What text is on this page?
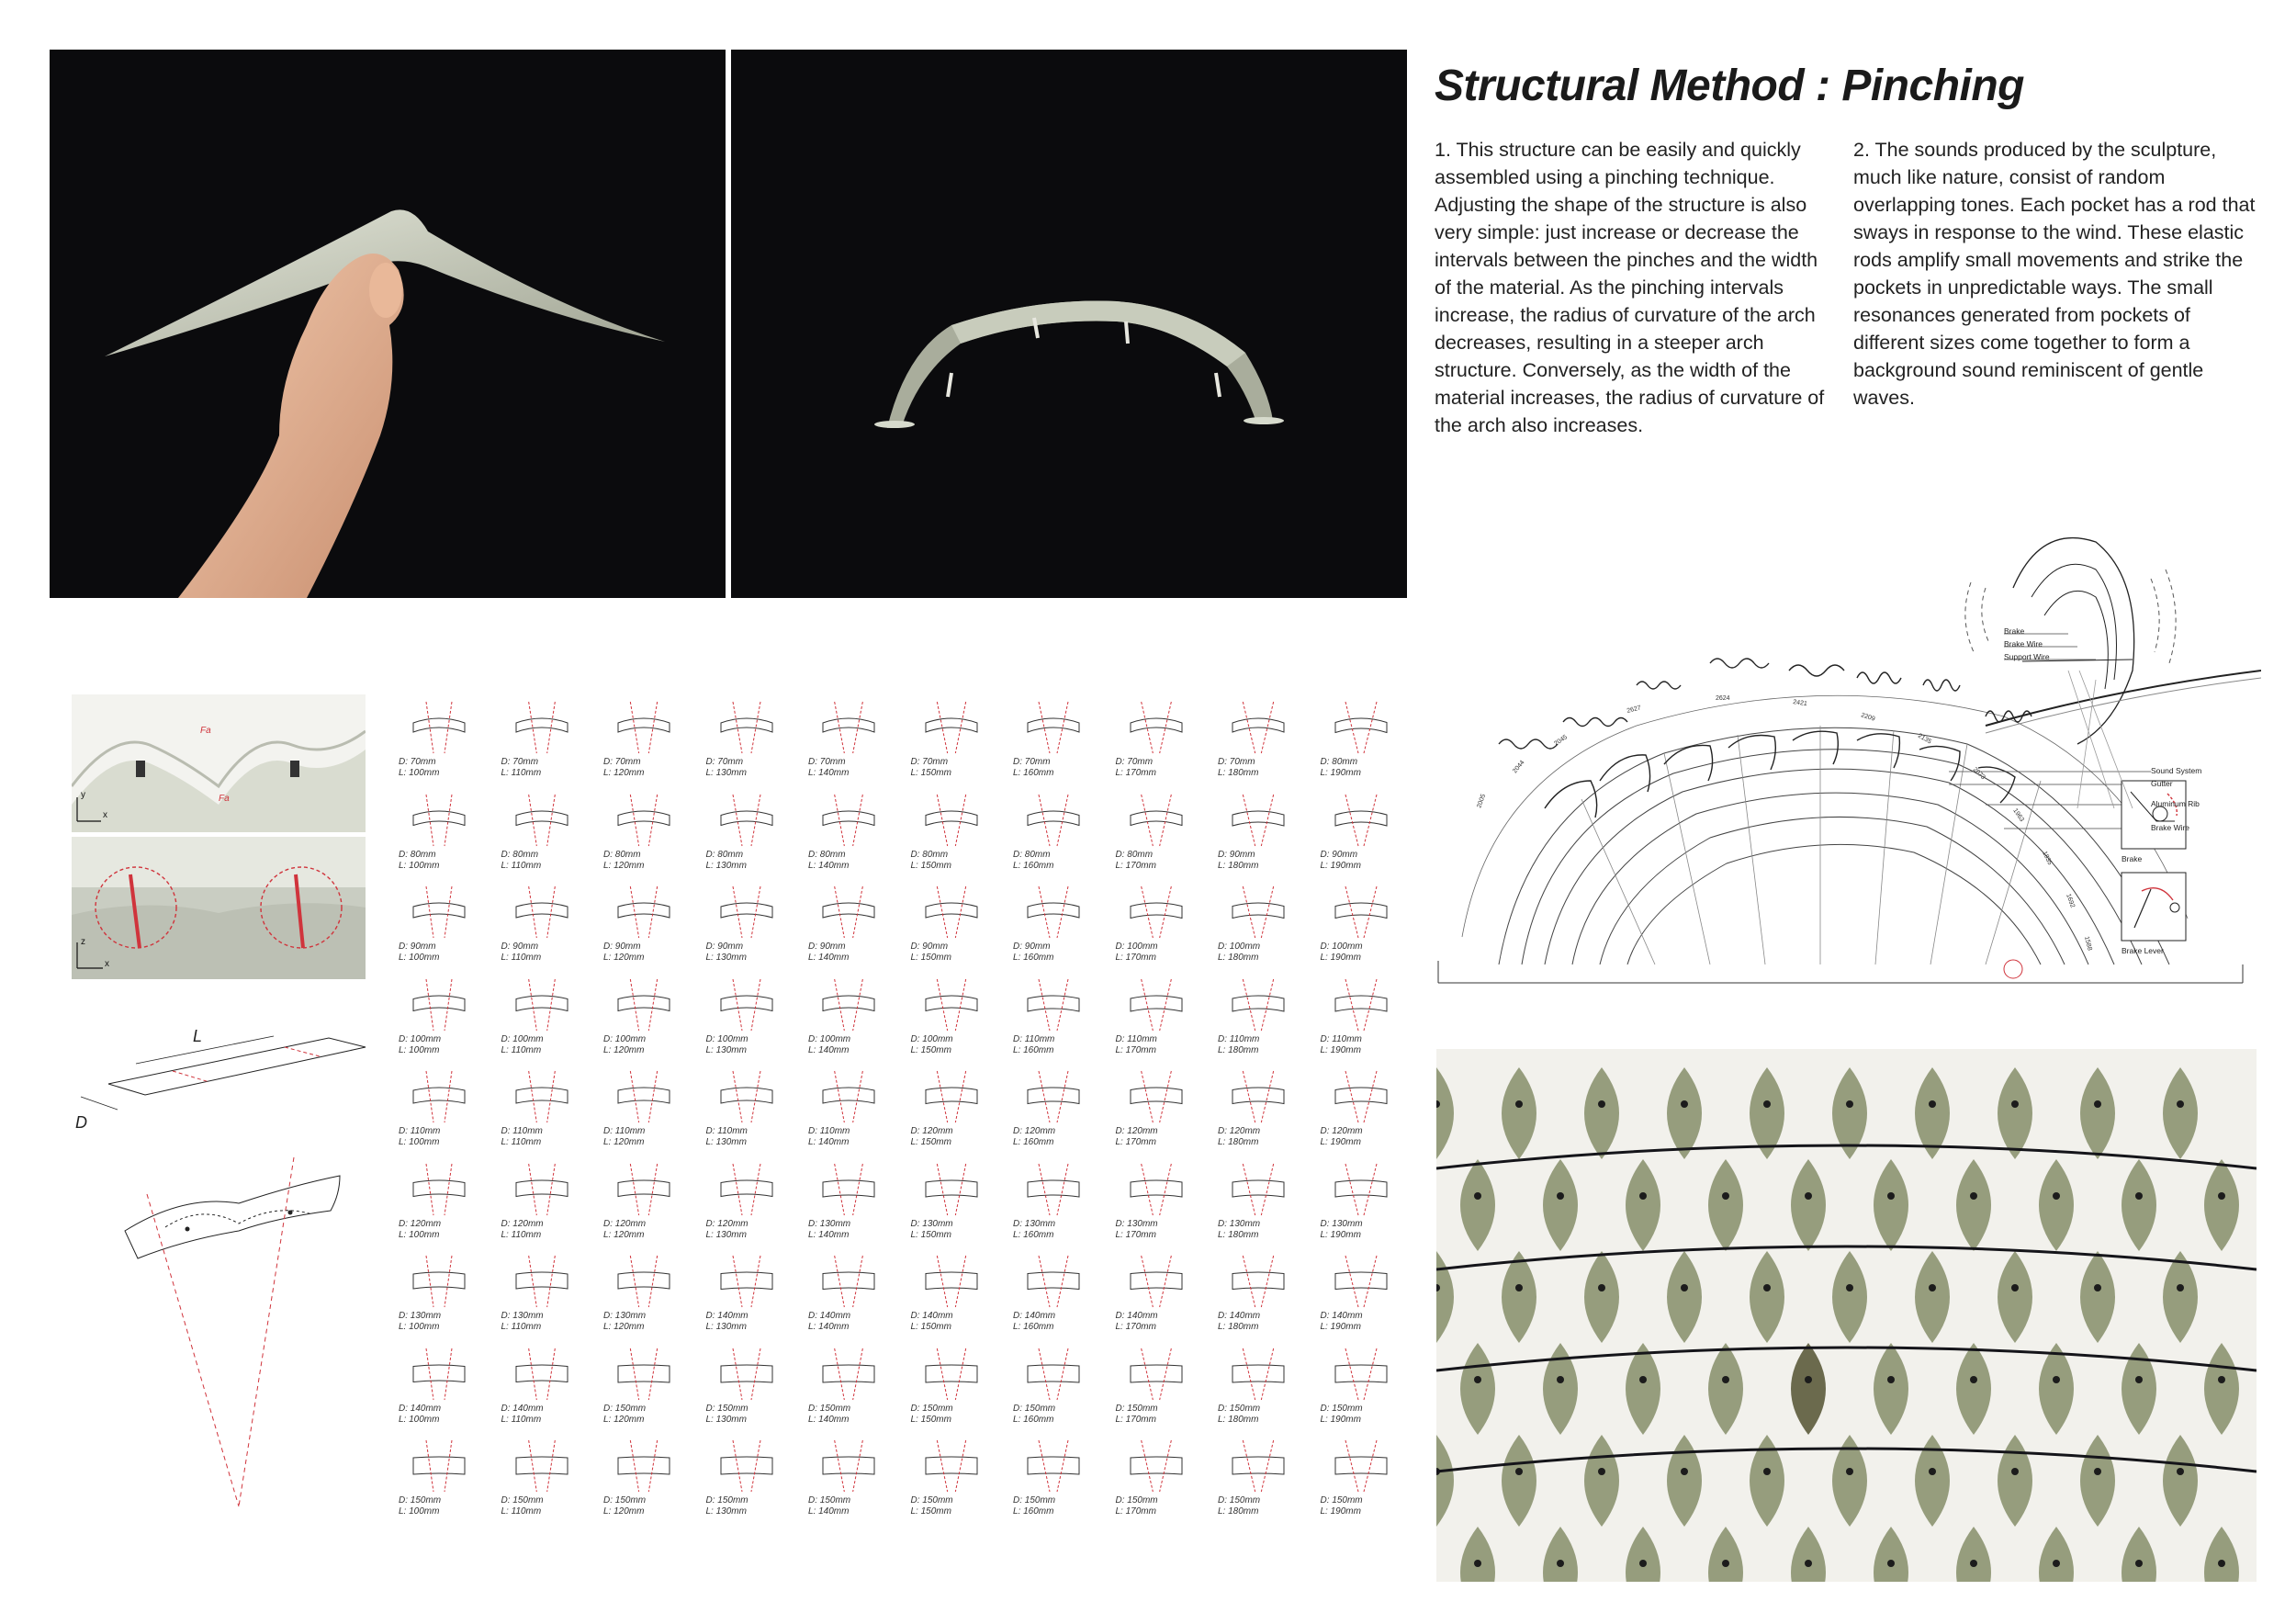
Structural Method : Pinching
1. This structure can be easily and quickly assembled using a pinching technique. Adjusting the shape of the structure is also very simple: just increase or decrease the intervals between the pinches and the width of the material. As the pinching intervals increase, the radius of curvature of the arch decreases, resulting in a steeper arch structure. Conversely, as the width of the material increases, the radius of curvature of the arch also increases.
2. The sounds produced by the sculpture, much like nature, consist of random overlapping tones. Each pocket has a rod that sways in response to the wind. These elastic rods amplify small movements and strike the pockets in unpredictable ways. The small resonances generated from pockets of different sizes come together to form a background sound reminiscent of gentle waves.
y
x
Fa
Fa
z
x
L
D
D: 70mm
L: 100mm
D: 70mm
L: 110mm
D: 70mm
L: 120mm
D: 70mm
L: 130mm
D: 70mm
L: 140mm
D: 70mm
L: 150mm
D: 70mm
L: 160mm
D: 70mm
L: 170mm
D: 70mm
L: 180mm
D: 80mm
L: 190mm
D: 80mm
L: 100mm
D: 80mm
L: 110mm
D: 80mm
L: 120mm
D: 80mm
L: 130mm
D: 80mm
L: 140mm
D: 80mm
L: 150mm
D: 80mm
L: 160mm
D: 80mm
L: 170mm
D: 90mm
L: 180mm
D: 90mm
L: 190mm
D: 90mm
L: 100mm
D: 90mm
L: 110mm
D: 90mm
L: 120mm
D: 90mm
L: 130mm
D: 90mm
L: 140mm
D: 90mm
L: 150mm
D: 90mm
L: 160mm
D: 100mm
L: 170mm
D: 100mm
L: 180mm
D: 100mm
L: 190mm
D: 100mm
L: 100mm
D: 100mm
L: 110mm
D: 100mm
L: 120mm
D: 100mm
L: 130mm
D: 100mm
L: 140mm
D: 100mm
L: 150mm
D: 110mm
L: 160mm
D: 110mm
L: 170mm
D: 110mm
L: 180mm
D: 110mm
L: 190mm
D: 110mm
L: 100mm
D: 110mm
L: 110mm
D: 110mm
L: 120mm
D: 110mm
L: 130mm
D: 110mm
L: 140mm
D: 120mm
L: 150mm
D: 120mm
L: 160mm
D: 120mm
L: 170mm
D: 120mm
L: 180mm
D: 120mm
L: 190mm
D: 120mm
L: 100mm
D: 120mm
L: 110mm
D: 120mm
L: 120mm
D: 120mm
L: 130mm
D: 130mm
L: 140mm
D: 130mm
L: 150mm
D: 130mm
L: 160mm
D: 130mm
L: 170mm
D: 130mm
L: 180mm
D: 130mm
L: 190mm
D: 130mm
L: 100mm
D: 130mm
L: 110mm
D: 130mm
L: 120mm
D: 140mm
L: 130mm
D: 140mm
L: 140mm
D: 140mm
L: 150mm
D: 140mm
L: 160mm
D: 140mm
L: 170mm
D: 140mm
L: 180mm
D: 140mm
L: 190mm
D: 140mm
L: 100mm
D: 140mm
L: 110mm
D: 150mm
L: 120mm
D: 150mm
L: 130mm
D: 150mm
L: 140mm
D: 150mm
L: 150mm
D: 150mm
L: 160mm
D: 150mm
L: 170mm
D: 150mm
L: 180mm
D: 150mm
L: 190mm
D: 150mm
L: 100mm
D: 150mm
L: 110mm
D: 150mm
L: 120mm
D: 150mm
L: 130mm
D: 150mm
L: 140mm
D: 150mm
L: 150mm
D: 150mm
L: 160mm
D: 150mm
L: 170mm
D: 150mm
L: 180mm
D: 150mm
L: 190mm
2005
2044
2045
2627
2624
2421
2209
2135
2073
1963
1835
1692
1588
Sound System
Gutter
Aluminum Rib
Brake Wire
Brake
Brake Lever
Brake
Brake Wire
Support Wire
